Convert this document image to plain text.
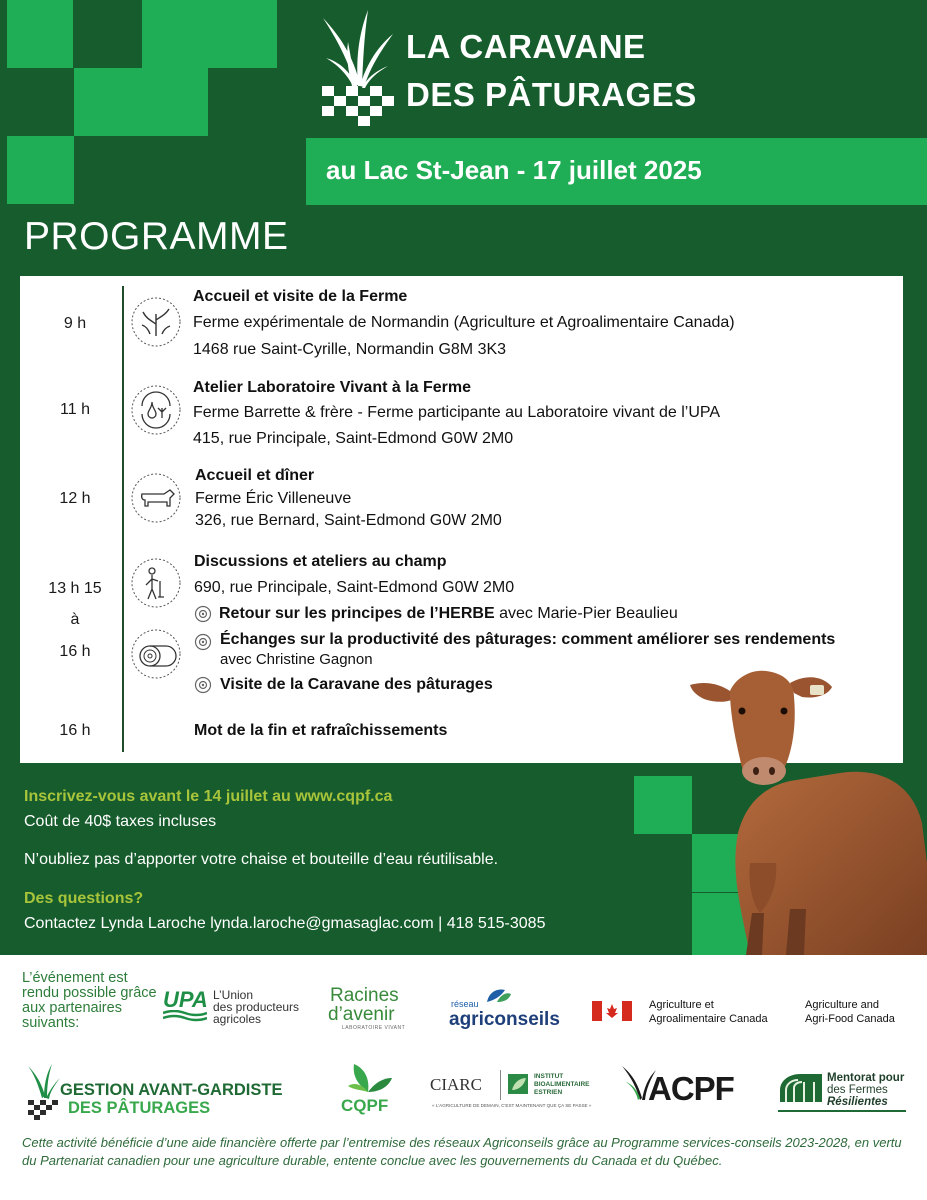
LA CARAVANE
DES PÂTURAGES
au Lac St-Jean - 17 juillet 2025
PROGRAMME
9 h
Accueil et visite de la Ferme
Ferme expérimentale de Normandin (Agriculture et Agroalimentaire Canada)
1468 rue Saint-Cyrille, Normandin G8M 3K3
11 h
Atelier Laboratoire Vivant à la Ferme
Ferme Barrette & frère - Ferme participante au Laboratoire vivant de l’UPA
415, rue Principale, Saint-Edmond G0W 2M0
12 h
Accueil et dîner
Ferme Éric Villeneuve
326, rue Bernard, Saint-Edmond G0W 2M0
13 h 15
à
16 h
Discussions et ateliers au champ
690, rue Principale, Saint-Edmond G0W 2M0
Retour sur les principes de l’HERBE avec Marie-Pier Beaulieu
Échanges sur la productivité des pâturages: comment améliorer ses rendements
avec Christine Gagnon
Visite de la Caravane des pâturages
16 h	Mot de la fin et rafraîchissements
Inscrivez-vous avant le 14 juillet au www.cqpf.ca
Coût de 40$ taxes incluses
N’oubliez pas d’apporter votre chaise et bouteille d’eau réutilisable.
Des questions?
Contactez Lynda Laroche lynda.laroche@gmasaglac.com | 418 515-3085
L’événement est rendu possible grâce aux partenaires suivants:
UPA L’Union
des producteurs
agricoles
Racines
d’avenir
LABORATOIRE VIVANT
réseau
agriconseils
Agriculture et
Agroalimentaire Canada
Agriculture and
Agri-Food Canada
GESTION AVANT-GARDISTE
DES PÂTURAGES	CQPF
CIARC	INSTITUT
BIOALIMENTAIRE
ESTRIEN
« L’AGRICULTURE DE DEMAIN, C’EST MAINTENANT QUE ÇA SE PASSE » ACPF	Mentorat pour
des Fermes
Résilientes
Cette activité bénéficie d’une aide financière offerte par l’entremise des réseaux Agriconseils grâce au Programme services-conseils 2023-2028, en vertu du Partenariat canadien pour une agriculture durable, entente conclue avec les gouvernements du Canada et du Québec.
